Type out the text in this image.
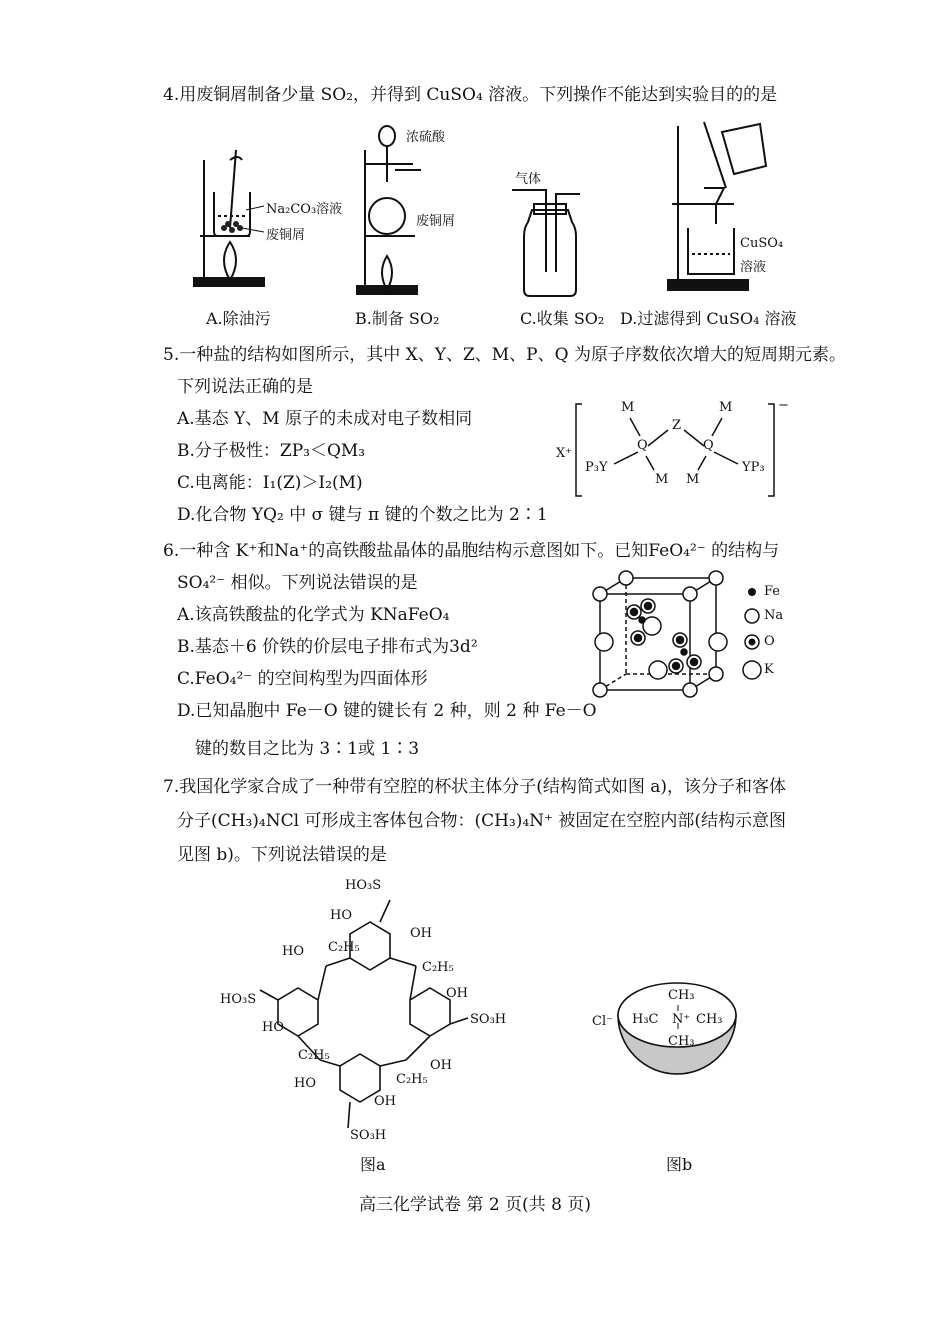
4.用废铜屑制备少量 SO₂，并得到 CuSO₄ 溶液。下列操作不能达到实验目的的是
Na₂CO₃溶液
废铜屑
浓硫酸
废铜屑
气体
CuSO₄
溶液
A.除油污	B.制备 SO₂	C.收集 SO₂ D.过滤得到 CuSO₄ 溶液
5.一种盐的结构如图所示，其中 X、Y、Z、M、P、Q 为原子序数依次增大的短周期元素。
下列说法正确的是
A.基态 Y、M 原子的未成对电子数相同
B.分子极性：ZP₃＜QM₃
C.电离能：I₁(Z)＞I₂(M)
D.化合物 YQ₂ 中 σ 键与 π 键的个数之比为 2∶1
X⁺
M
Q
Z
Q
M
P₃Y	YP₃
M M
−
6.一种含 K⁺和Na⁺的高铁酸盐晶体的晶胞结构示意图如下。已知FeO₄²⁻ 的结构与
SO₄²⁻ 相似。下列说法错误的是
A.该高铁酸盐的化学式为 KNaFeO₄
B.基态＋6 价铁的价层电子排布式为3d²
C.FeO₄²⁻ 的空间构型为四面体形
D.已知晶胞中 Fe－O 键的键长有 2 种，则 2 种 Fe－O
键的数目之比为 3∶1或 1∶3
Fe
Na
O
K
7.我国化学家合成了一种带有空腔的杯状主体分子(结构简式如图 a)，该分子和客体
分子(CH₃)₄NCl 可形成主客体包合物：(CH₃)₄N⁺ 被固定在空腔内部(结构示意图
见图 b)。下列说法错误的是
HO₃S
HO
OH
C₂H₅
HO
C₂H₅
HO₃S	OH
HO
SO₃H
C₂H₅
OH
C₂H₅
HO
OH
SO₃H
图a
Cl⁻
CH₃
H₃C N⁺ CH₃
CH₃
图b
高三化学试卷 第 2 页(共 8 页)
